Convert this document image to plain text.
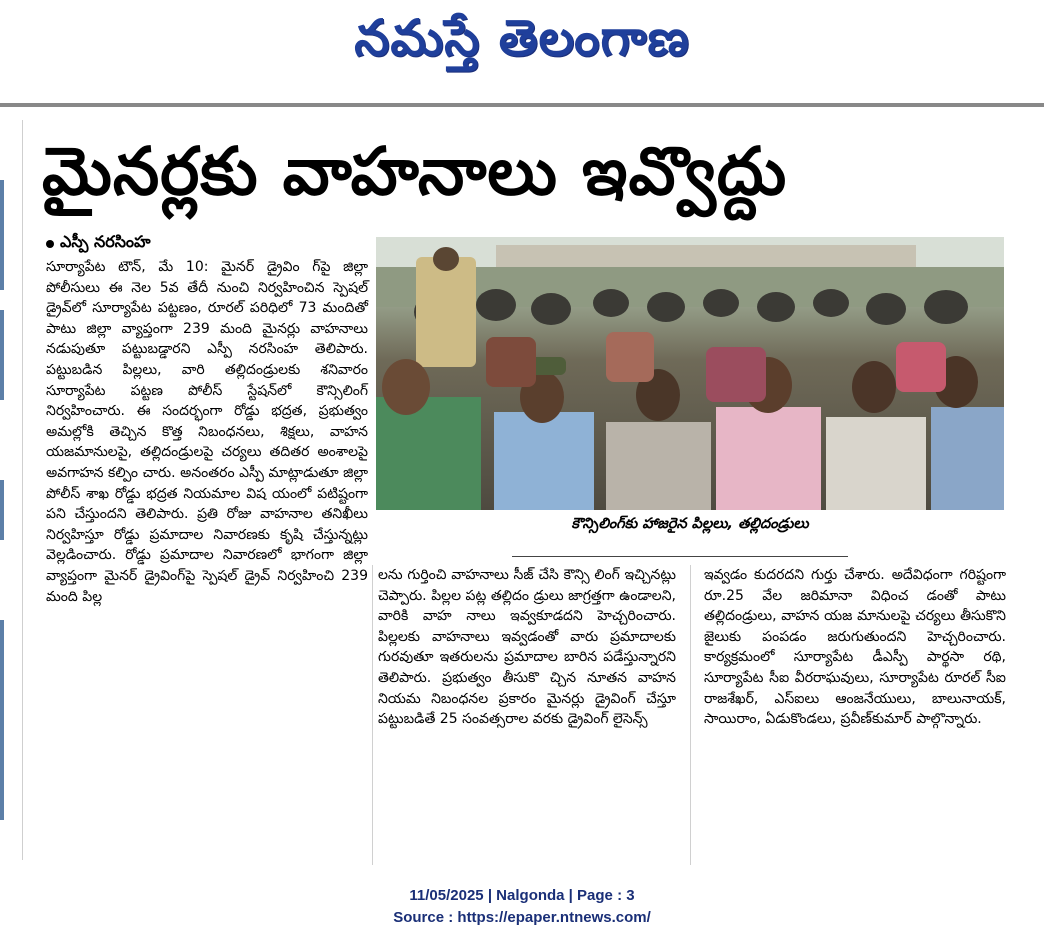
నమస్తే తెలంగాణ
మైనర్లకు వాహనాలు ఇవ్వొద్దు
ఎస్పీ నరసింహ
కౌన్సిలింగ్‌కు హాజరైన పిల్లలు, తల్లిదండ్రులు

సూర్యాపేట టౌన్, మే 10: మైనర్ డ్రైవిం గ్‌పై జిల్లా పోలీసులు ఈ నెల 5వ తేదీ నుంచి నిర్వహించిన స్పెషల్ డ్రైవ్‌లో సూర్యాపేట పట్టణం, రూరల్ పరిధిలో 73 మందితో పాటు జిల్లా వ్యాప్తంగా 239 మంది మైనర్లు వాహనాలు నడుపుతూ పట్టుబడ్డారని ఎస్పీ నరసింహ తెలిపారు. పట్టుబడిన పిల్లలు, వారి తల్లిదండ్రులకు శనివారం సూర్యాపేట పట్టణ పోలీస్ స్టేషన్‌లో కౌన్సిలింగ్ నిర్వహించారు. ఈ సందర్భంగా రోడ్డు భద్రత, ప్రభుత్వం అమల్లోకి తెచ్చిన కొత్త నిబంధనలు, శిక్షలు, వాహన యజమానులపై, తల్లిదండ్రులపై చర్యలు తదితర అంశాలపై అవగాహన కల్పిం చారు. అనంతరం ఎస్పీ మాట్లాడుతూ జిల్లా పోలీస్ శాఖ రోడ్డు భద్రత నియమాల విష యంలో పటిష్టంగా పని చేస్తుందని తెలిపారు. ప్రతి రోజు వాహనాల తనిఖీలు నిర్వహిస్తూ రోడ్డు ప్రమాదాల నివారణకు కృషి చేస్తున్నట్లు వెల్లడించారు. రోడ్డు ప్రమాదాల నివారణలో భాగంగా జిల్లా వ్యాప్తంగా మైనర్ డ్రైవింగ్‌పై స్పెషల్ డ్రైవ్ నిర్వహించి 239 మంది పిల్ల

లను గుర్తించి వాహనాలు సీజ్ చేసి కౌన్సి లింగ్ ఇచ్చినట్లు చెప్పారు. పిల్లల పట్ల తల్లిదం డ్రులు జాగ్రత్తగా ఉండాలని, వారికి వాహ నాలు ఇవ్వకూడదని హెచ్చరించారు. పిల్లలకు వాహనాలు ఇవ్వడంతో వారు ప్రమాదాలకు గురవుతూ ఇతరులను ప్రమాదాల బారిన పడేస్తున్నారని తెలిపారు. ప్రభుత్వం తీసుకొ చ్చిన నూతన వాహన నియమ నిబంధనల ప్రకారం మైనర్లు డ్రైవింగ్ చేస్తూ పట్టుబడితే 25 సంవత్సరాల వరకు డ్రైవింగ్ లైసెన్స్

ఇవ్వడం కుదరదని గుర్తు చేశారు. అదేవిధంగా గరిష్టంగా రూ.25 వేల జరిమానా విధించ డంతో పాటు తల్లిదండ్రులు, వాహన యజ మానులపై చర్యలు తీసుకొని జైలుకు పంపడం జరుగుతుందని హెచ్చరించారు. కార్యక్రమంలో సూర్యాపేట డీఎస్పీ పార్థసా రథి, సూర్యాపేట సీఐ వీరరాఘవులు, సూర్యాపేట రూరల్ సీఐ రాజశేఖర్, ఎస్ఐలు ఆంజనేయులు, బాలునాయక్, సాయిరాం, ఏడుకొండలు, ప్రవీణ్‌కుమార్ పాల్గొన్నారు.

11/05/2025 | Nalgonda | Page : 3
Source : https://epaper.ntnews.com/
